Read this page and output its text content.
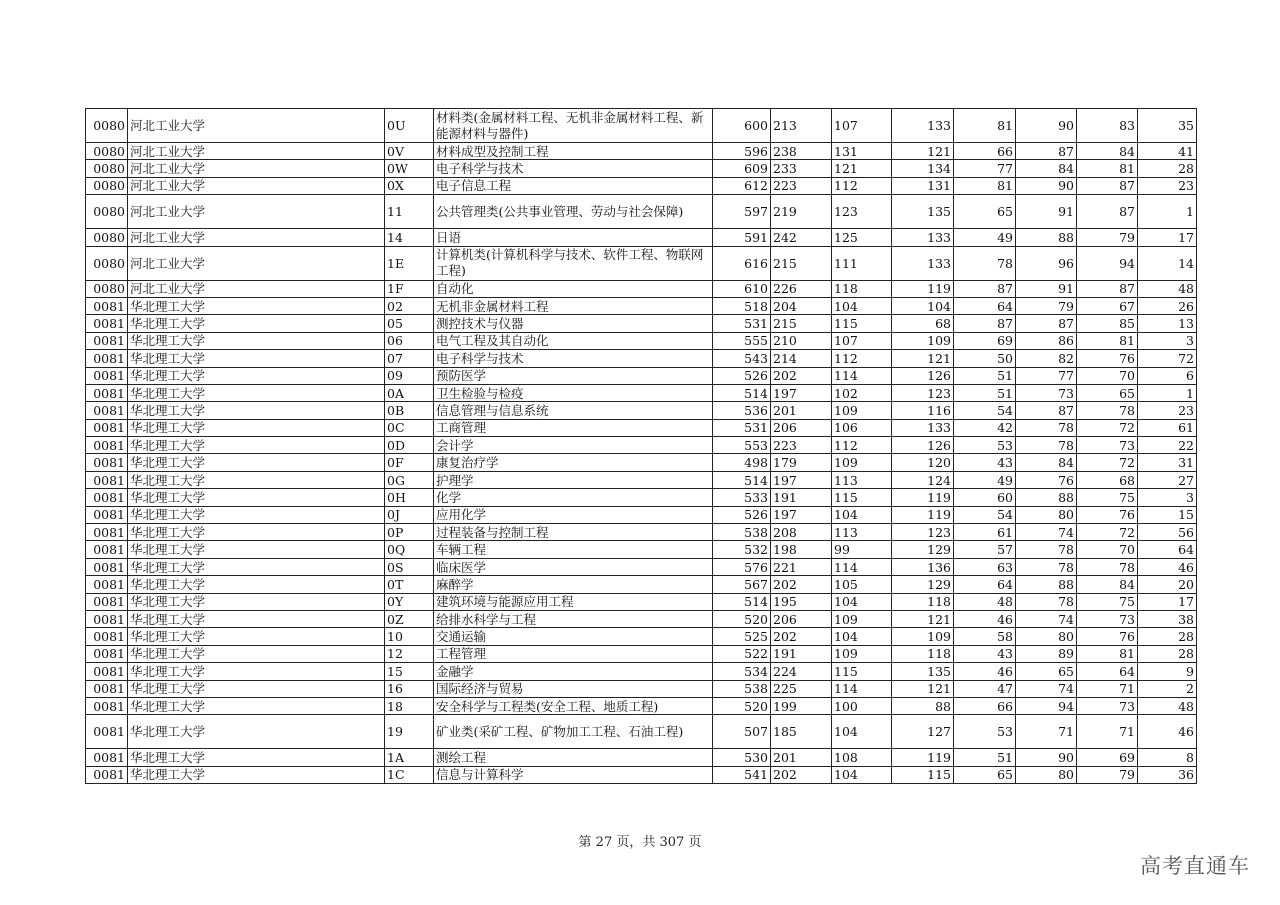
0080	河北工业大学	0U	材料类(金属材料工程、无机非金属材料工程、新能源材料与器件)	600	213	107	133	81	90	83	35
0080	河北工业大学	0V	材料成型及控制工程	596	238	131	121	66	87	84	41
0080	河北工业大学	0W	电子科学与技术	609	233	121	134	77	84	81	28
0080	河北工业大学	0X	电子信息工程	612	223	112	131	81	90	87	23
0080	河北工业大学	11	公共管理类(公共事业管理、劳动与社会保障)	597	219	123	135	65	91	87	1
0080	河北工业大学	14	日语	591	242	125	133	49	88	79	17
0080	河北工业大学	1E	计算机类(计算机科学与技术、软件工程、物联网工程)	616	215	111	133	78	96	94	14
0080	河北工业大学	1F	自动化	610	226	118	119	87	91	87	48
0081	华北理工大学	02	无机非金属材料工程	518	204	104	104	64	79	67	26
0081	华北理工大学	05	测控技术与仪器	531	215	115	68	87	87	85	13
0081	华北理工大学	06	电气工程及其自动化	555	210	107	109	69	86	81	3
0081	华北理工大学	07	电子科学与技术	543	214	112	121	50	82	76	72
0081	华北理工大学	09	预防医学	526	202	114	126	51	77	70	6
0081	华北理工大学	0A	卫生检验与检疫	514	197	102	123	51	73	65	1
0081	华北理工大学	0B	信息管理与信息系统	536	201	109	116	54	87	78	23
0081	华北理工大学	0C	工商管理	531	206	106	133	42	78	72	61
0081	华北理工大学	0D	会计学	553	223	112	126	53	78	73	22
0081	华北理工大学	0F	康复治疗学	498	179	109	120	43	84	72	31
0081	华北理工大学	0G	护理学	514	197	113	124	49	76	68	27
0081	华北理工大学	0H	化学	533	191	115	119	60	88	75	3
0081	华北理工大学	0J	应用化学	526	197	104	119	54	80	76	15
0081	华北理工大学	0P	过程装备与控制工程	538	208	113	123	61	74	72	56
0081	华北理工大学	0Q	车辆工程	532	198	99	129	57	78	70	64
0081	华北理工大学	0S	临床医学	576	221	114	136	63	78	78	46
0081	华北理工大学	0T	麻醉学	567	202	105	129	64	88	84	20
0081	华北理工大学	0Y	建筑环境与能源应用工程	514	195	104	118	48	78	75	17
0081	华北理工大学	0Z	给排水科学与工程	520	206	109	121	46	74	73	38
0081	华北理工大学	10	交通运输	525	202	104	109	58	80	76	28
0081	华北理工大学	12	工程管理	522	191	109	118	43	89	81	28
0081	华北理工大学	15	金融学	534	224	115	135	46	65	64	9
0081	华北理工大学	16	国际经济与贸易	538	225	114	121	47	74	71	2
0081	华北理工大学	18	安全科学与工程类(安全工程、地质工程)	520	199	100	88	66	94	73	48
0081	华北理工大学	19	矿业类(采矿工程、矿物加工工程、石油工程)	507	185	104	127	53	71	71	46
0081	华北理工大学	1A	测绘工程	530	201	108	119	51	90	69	8
0081	华北理工大学	1C	信息与计算科学	541	202	104	115	65	80	79	36
第 27 页，共 307 页
高考直通车
